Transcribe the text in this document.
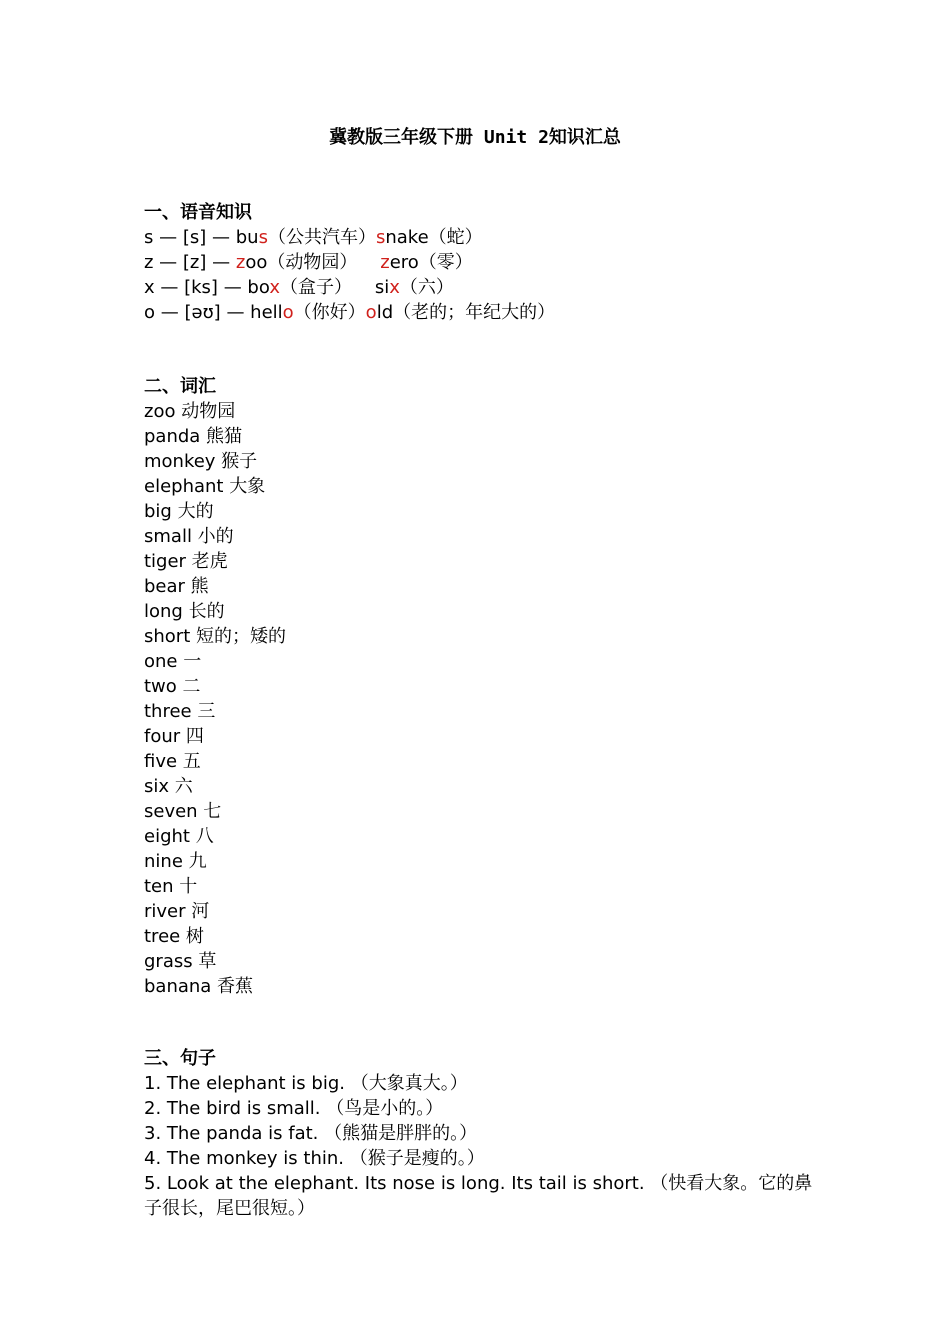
冀教版三年级下册 Unit 2知识汇总
一、语音知识
s — [s] — bus（公共汽车）snake（蛇）
z — [z] — zoo（动物园） zero（零）
x — [ks] — box（盒子）    six（六）
o — [əʊ] — hello（你好）old（老的；年纪大的）
二、词汇
zoo 动物园
panda 熊猫
monkey 猴子
elephant 大象
big 大的
small 小的
tiger 老虎
bear 熊
long 长的
short 短的；矮的
one 一
two 二
three 三
four 四
five 五
six 六
seven 七
eight 八
nine 九
ten 十
river 河
tree 树
grass 草
banana 香蕉
三、句子
1. The elephant is big. （大象真大。）
2. The bird is small. （鸟是小的。）
3. The panda is fat. （熊猫是胖胖的。）
4. The monkey is thin. （猴子是瘦的。）
5. Look at the elephant. Its nose is long. Its tail is short. （快看大象。它的鼻子很长，尾巴很短。）
